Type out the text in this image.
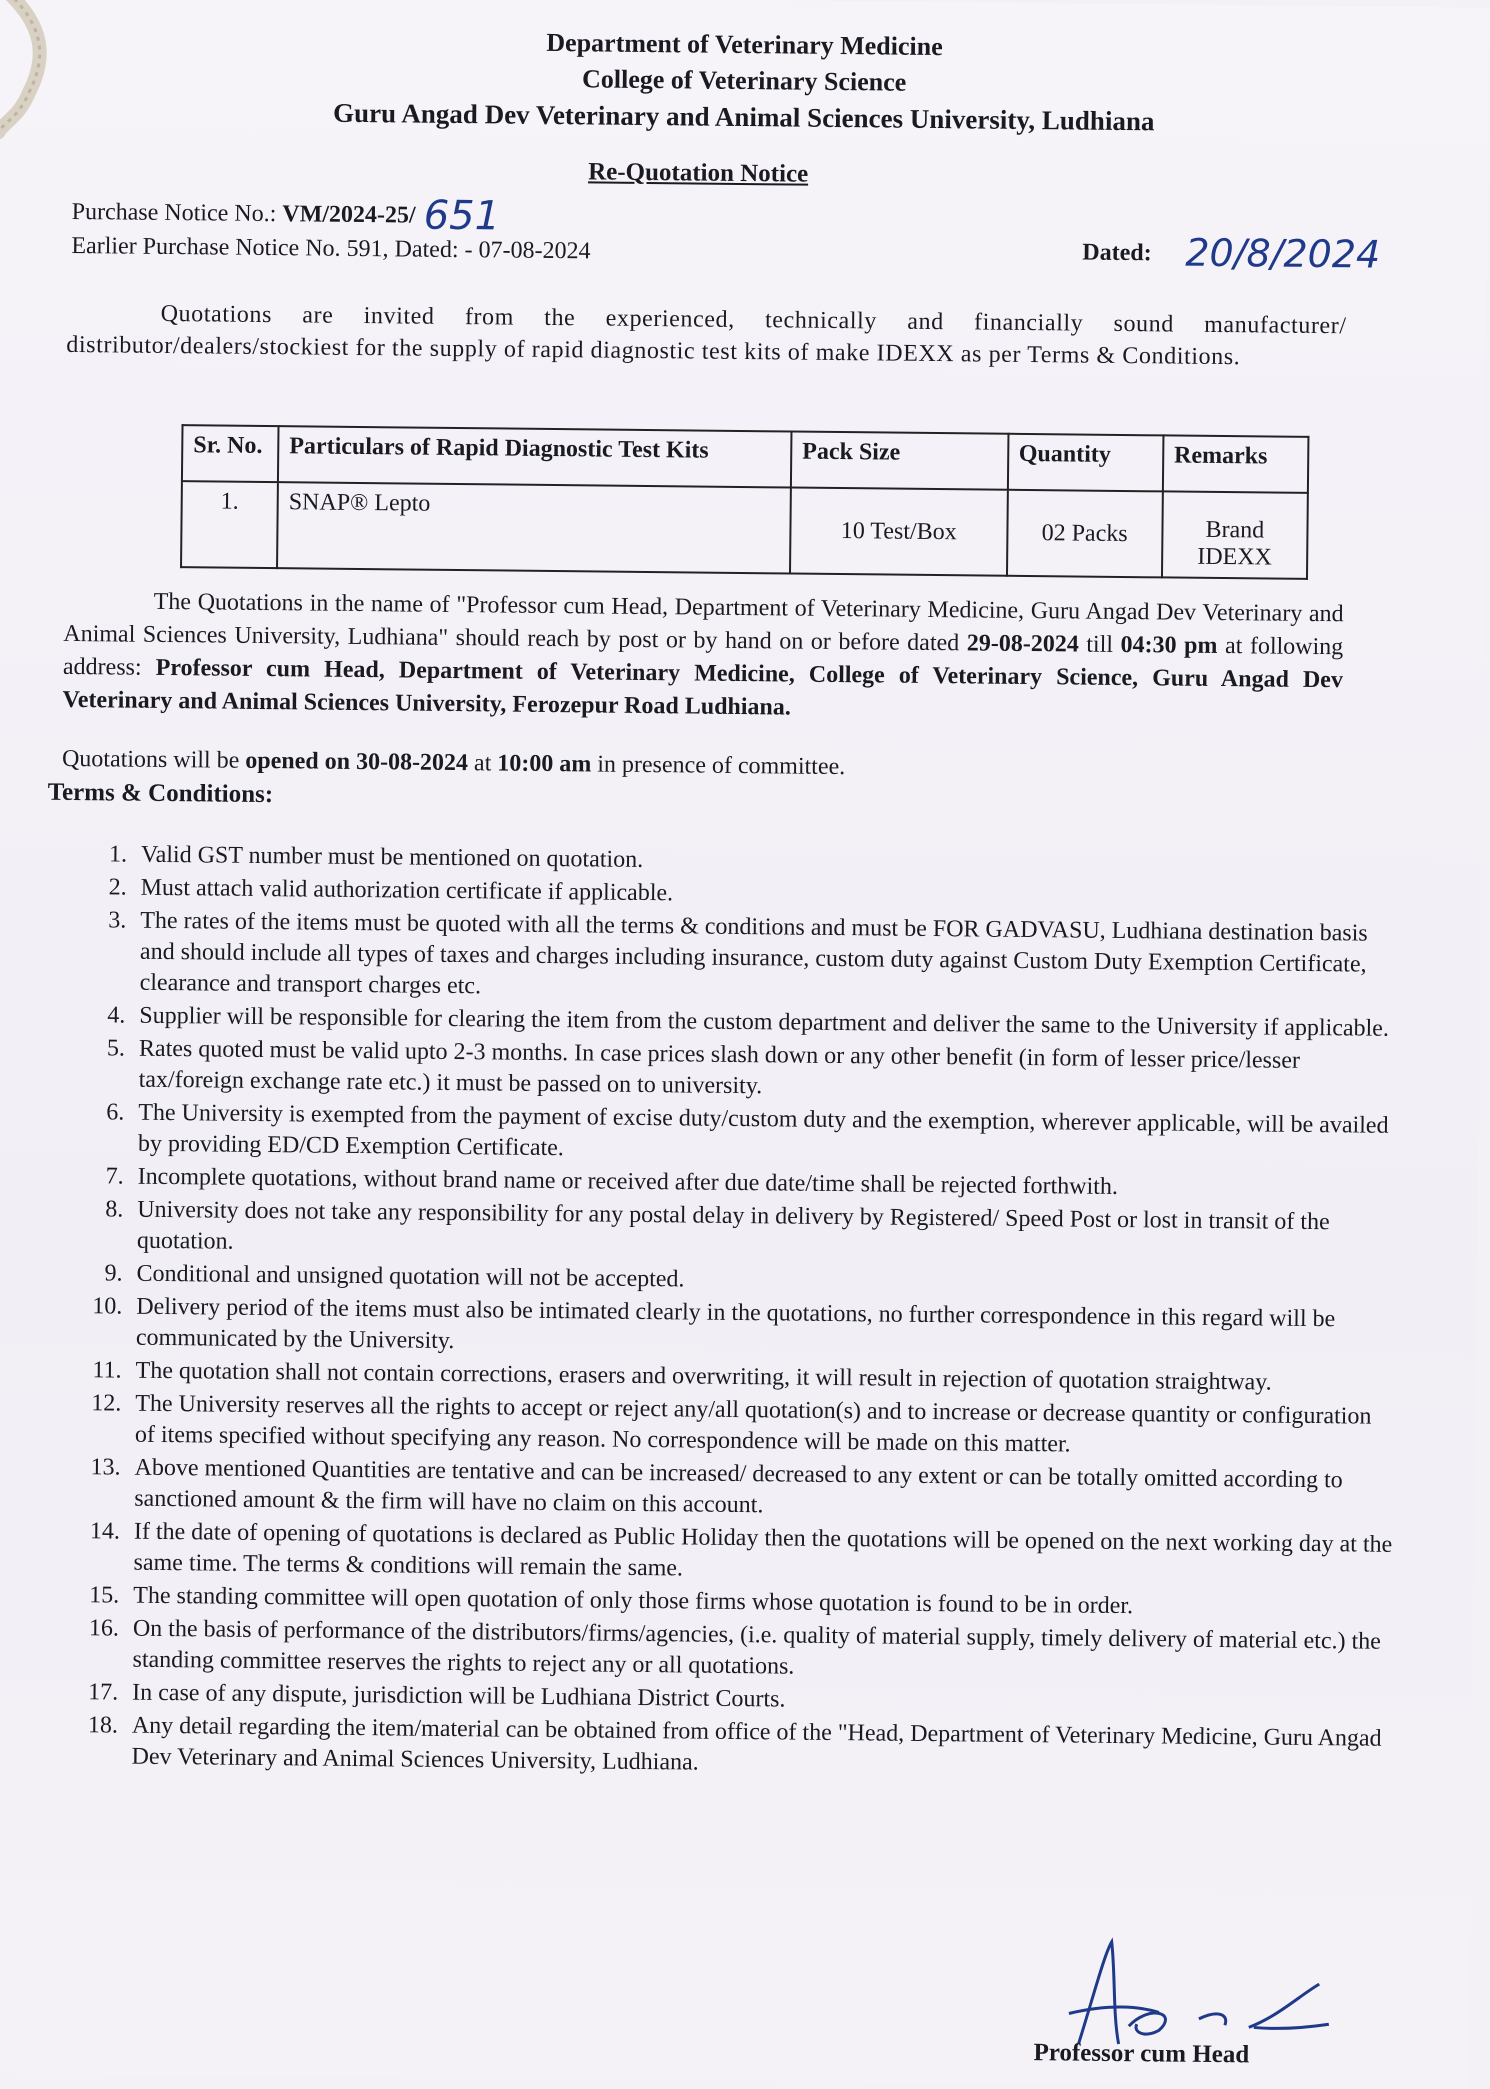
Department of Veterinary Medicine
College of Veterinary Science
Guru Angad Dev Veterinary and Animal Sciences University, Ludhiana
Re-Quotation Notice
Purchase Notice No.: VM/2024-25/ 651
Earlier Purchase Notice No. 591, Dated: - 07-08-2024	Dated: 20/8/2024
Quotations are invited from the experienced, technically and financially sound manufacturer/ distributor/dealers/stockiest for the supply of rapid diagnostic test kits of make IDEXX as per Terms & Conditions.
Sr. No.	Particulars of Rapid Diagnostic Test Kits	Pack Size	Quantity	Remarks
1.	SNAP® Lepto	10 Test/Box	02 Packs	Brand IDEXX
The Quotations in the name of "Professor cum Head, Department of Veterinary Medicine, Guru Angad Dev Veterinary and Animal Sciences University, Ludhiana" should reach by post or by hand on or before dated 29-08-2024 till 04:30 pm at following address: Professor cum Head, Department of Veterinary Medicine, College of Veterinary Science, Guru Angad Dev Veterinary and Animal Sciences University, Ferozepur Road Ludhiana.
Quotations will be opened on 30-08-2024 at 10:00 am in presence of committee.
Terms & Conditions:
1. Valid GST number must be mentioned on quotation.
2. Must attach valid authorization certificate if applicable.
3. The rates of the items must be quoted with all the terms & conditions and must be FOR GADVASU, Ludhiana destination basis and should include all types of taxes and charges including insurance, custom duty against Custom Duty Exemption Certificate, clearance and transport charges etc.
4. Supplier will be responsible for clearing the item from the custom department and deliver the same to the University if applicable.
5. Rates quoted must be valid upto 2-3 months. In case prices slash down or any other benefit (in form of lesser price/lesser tax/foreign exchange rate etc.) it must be passed on to university.
6. The University is exempted from the payment of excise duty/custom duty and the exemption, wherever applicable, will be availed by providing ED/CD Exemption Certificate.
7. Incomplete quotations, without brand name or received after due date/time shall be rejected forthwith.
8. University does not take any responsibility for any postal delay in delivery by Registered/ Speed Post or lost in transit of the quotation.
9. Conditional and unsigned quotation will not be accepted.
10. Delivery period of the items must also be intimated clearly in the quotations, no further correspondence in this regard will be communicated by the University.
11. The quotation shall not contain corrections, erasers and overwriting, it will result in rejection of quotation straightway.
12. The University reserves all the rights to accept or reject any/all quotation(s) and to increase or decrease quantity or configuration of items specified without specifying any reason. No correspondence will be made on this matter.
13. Above mentioned Quantities are tentative and can be increased/ decreased to any extent or can be totally omitted according to sanctioned amount & the firm will have no claim on this account.
14. If the date of opening of quotations is declared as Public Holiday then the quotations will be opened on the next working day at the same time. The terms & conditions will remain the same.
15. The standing committee will open quotation of only those firms whose quotation is found to be in order.
16. On the basis of performance of the distributors/firms/agencies, (i.e. quality of material supply, timely delivery of material etc.) the standing committee reserves the rights to reject any or all quotations.
17. In case of any dispute, jurisdiction will be Ludhiana District Courts.
18. Any detail regarding the item/material can be obtained from office of the "Head, Department of Veterinary Medicine, Guru Angad Dev Veterinary and Animal Sciences University, Ludhiana.
Professor cum Head
